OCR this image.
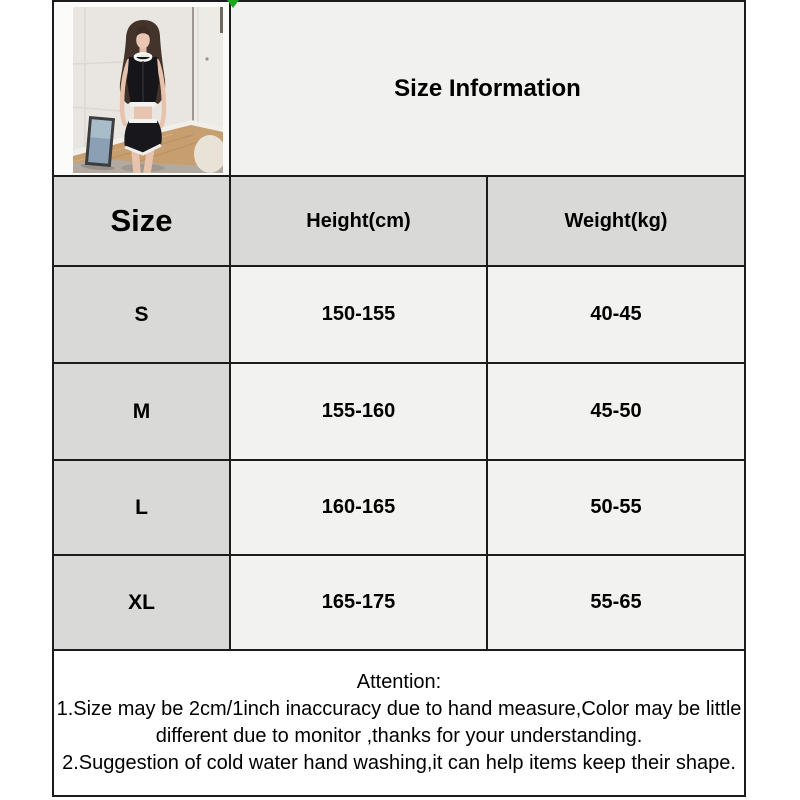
	Size Information	
Size	Height(cm)	Weight(kg)
S	150-155	40-45
M	155-160	45-50
L	160-165	50-55
XL	165-175	55-65

Attention:
1.Size may be 2cm/1inch inaccuracy due to hand measure,Color may be little
different due to monitor ,thanks for your understanding.
2.Suggestion of cold water hand washing,it can help items keep their shape.		
